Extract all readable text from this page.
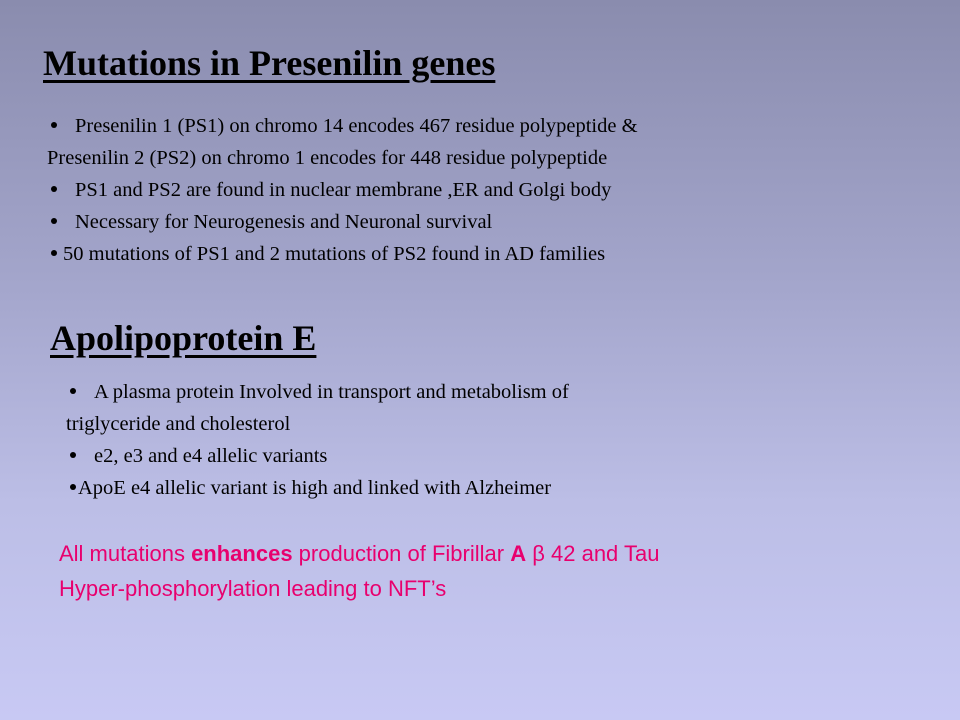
Mutations in Presenilin genes
Presenilin 1 (PS1) on chromo 14 encodes 467 residue polypeptide &
Presenilin 2 (PS2) on chromo 1 encodes for 448 residue polypeptide
PS1 and PS2 are found in nuclear membrane ,ER and Golgi body
Necessary for Neurogenesis and Neuronal survival
50 mutations of PS1 and 2 mutations of PS2 found in AD families
Apolipoprotein E
A plasma protein Involved in transport and metabolism of
triglyceride and cholesterol
e2, e3 and e4 allelic variants
ApoE e4 allelic variant is high and linked with Alzheimer
All mutations enhances production of Fibrillar A β 42 and Tau
Hyper-phosphorylation leading to NFT’s
